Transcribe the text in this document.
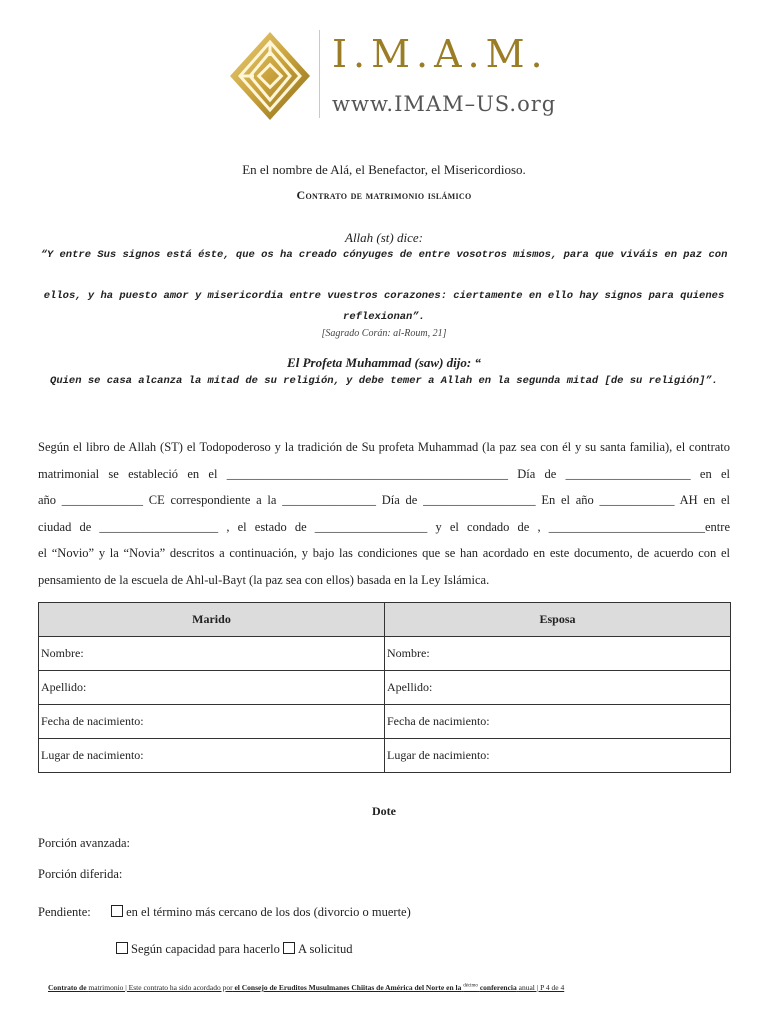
I.M.A.M.
www.IMAM–US.org
En el nombre de Alá, el Benefactor, el Misericordioso.
Contrato de matrimonio islámico
Allah (st) dice:
“Y entre Sus signos está éste, que os ha creado cónyuges de entre vosotros mismos, para que viváis en paz con
ellos, y ha puesto amor y misericordia entre vuestros corazones: ciertamente en ello hay signos para quienes reflexionan”.
[Sagrado Corán: al-Roum, 21]
El Profeta Muhammad (saw) dijo: “
Quien se casa alcanza la mitad de su religión, y debe temer a Allah en la segunda mitad [de su religión]”.

Según el libro de Allah (ST) el Todopoderoso y la tradición de Su profeta Muhammad (la paz sea con él y su santa familia), el contrato

matrimonial se estableció en el _____________________________________________ Día de ____________________ en el

año _____________ CE correspondiente a la _______________ Día de __________________ En el año ____________ AH en el

ciudad de ___________________ , el estado de __________________ y el condado de , _________________________entre

el “Novio” y la “Novia” descritos a continuación, y bajo las condiciones que se han acordado en este documento, de acuerdo con el

pensamiento de la escuela de Ahl-ul-Bayt (la paz sea con ellos) basada en la Ley Islámica.

Marido	Esposa
Nombre:	Nombre:
Apellido:	Apellido:
Fecha de nacimiento:	Fecha de nacimiento:
Lugar de nacimiento:	Lugar de nacimiento:
Dote
Porción avanzada:
Porción diferida:
Pendiente:	en el término más cercano de los dos (divorcio o muerte)
Según capacidad para hacerlo A solicitud
Contrato de matrimonio | Este contrato ha sido acordado por el Consejo de Eruditos Musulmanes Chiitas de América del Norte en la $^{décimo}$ conferencia anual | P 4 de 4
